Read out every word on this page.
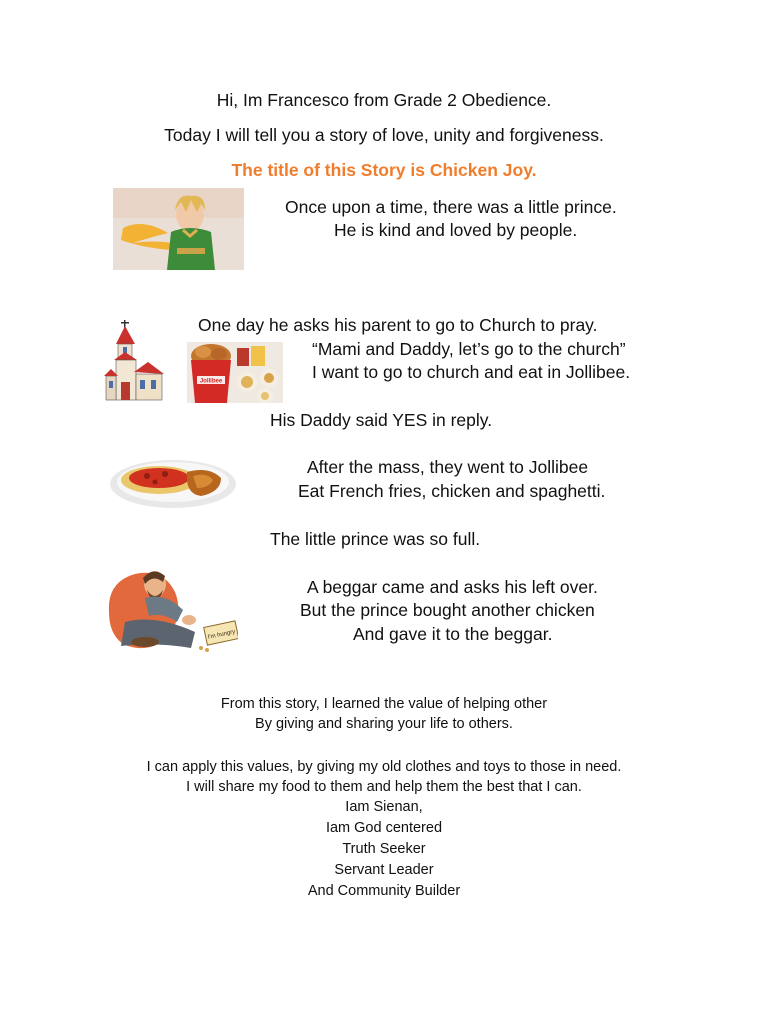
Hi, Im Francesco from Grade 2 Obedience.
Today I will tell you a story of love, unity and forgiveness.
The title of this Story is Chicken Joy.
Once upon a time, there was a little prince.
He is kind and loved by people.
Jollibee
One day he asks his parent to go to Church to pray.
“Mami and Daddy, let’s go to the church”
I want to go to church and eat in Jollibee.
His Daddy said YES in reply.
After the mass, they went to Jollibee
Eat French fries, chicken and spaghetti.
The little prince was so full.
I'm hungry
A beggar came and asks his left over.
But the prince bought another chicken
And gave it to the beggar.
From this story, I learned the value of helping other
By giving and sharing your life to others.
I can apply this values, by giving my old clothes and toys to those in need.
I will share my food to them and help them the best that I can.
Iam Sienan,
Iam God centered
Truth Seeker
Servant Leader
And Community Builder
